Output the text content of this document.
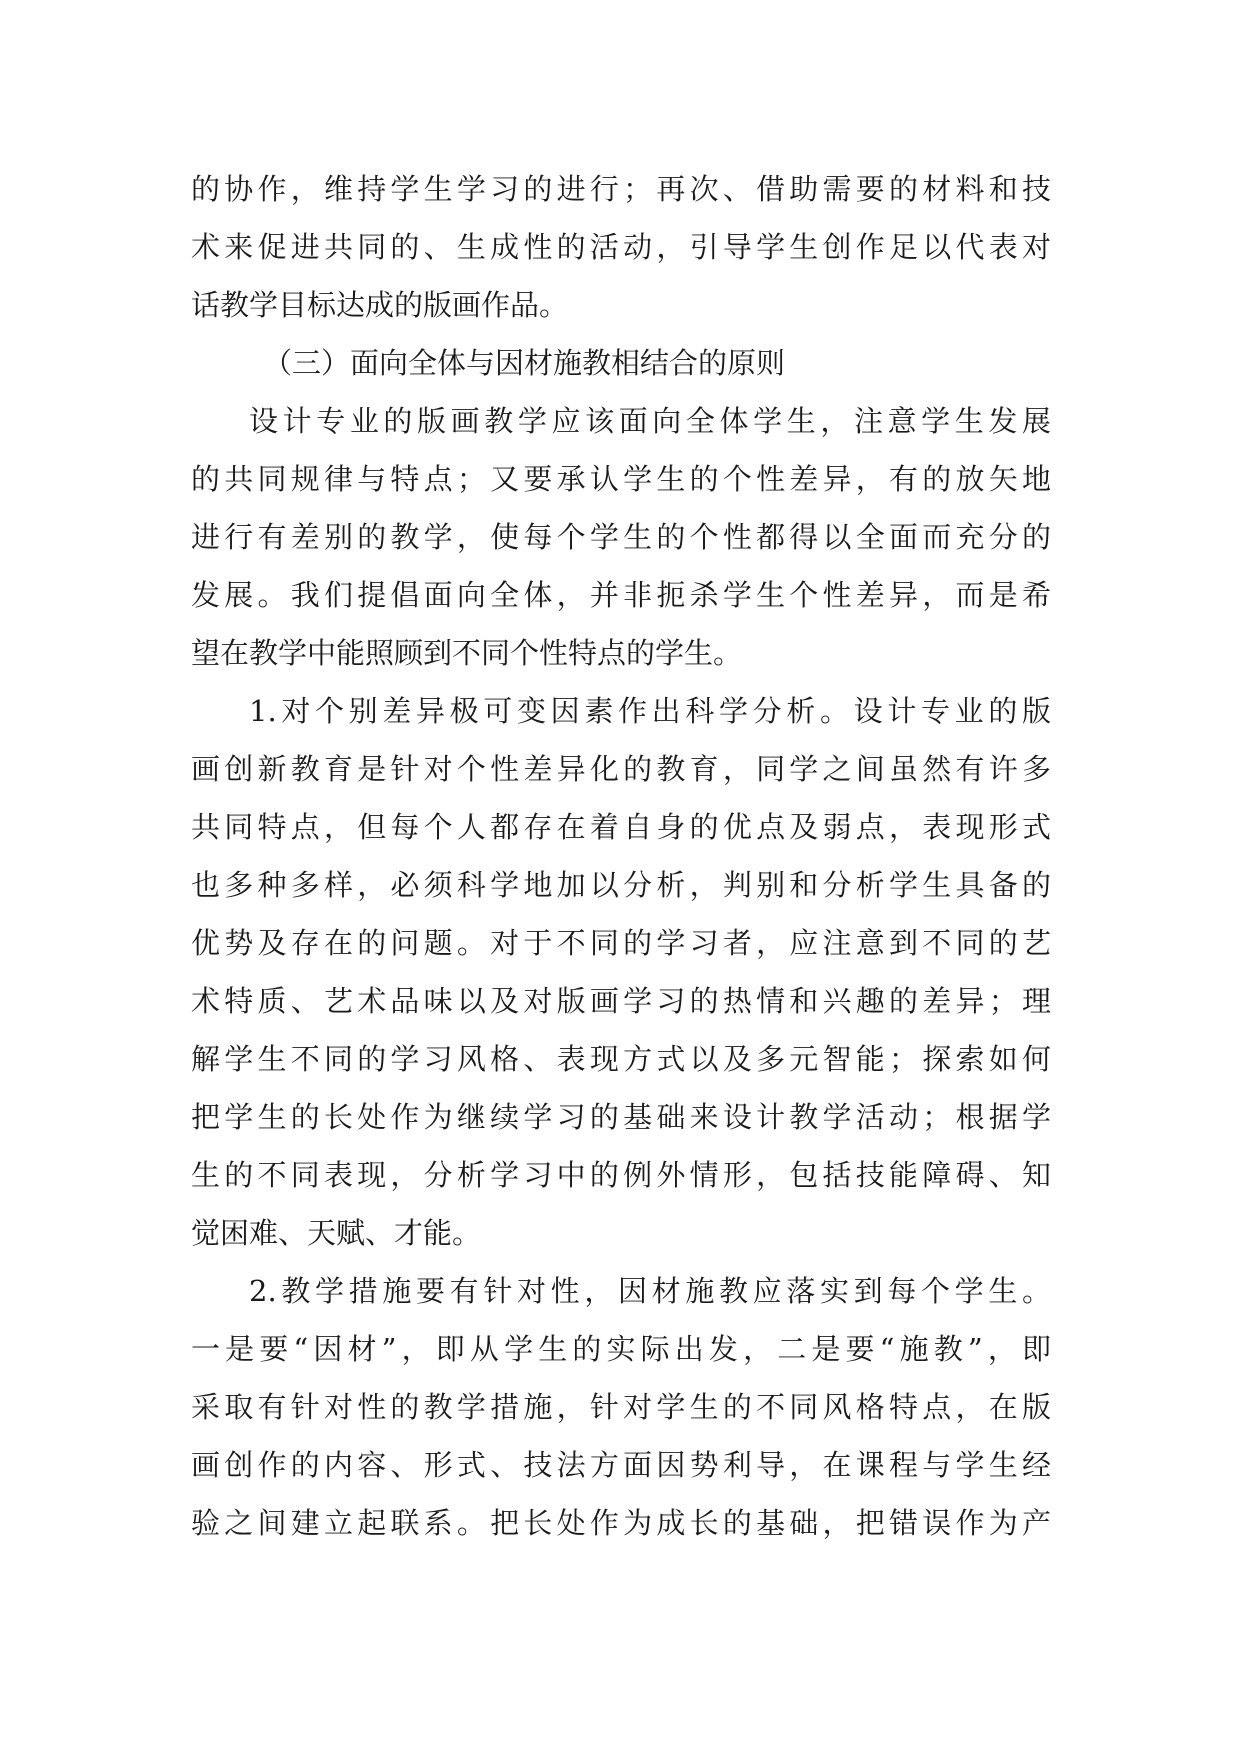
的协作，维持学生学习的进行；再次、借助需要的材料和技
术来促进共同的、生成性的活动，引导学生创作足以代表对
话教学目标达成的版画作品。
（三）面向全体与因材施教相结合的原则
设计专业的版画教学应该面向全体学生，注意学生发展
的共同规律与特点；又要承认学生的个性差异，有的放矢地
进行有差别的教学，使每个学生的个性都得以全面而充分的
发展。我们提倡面向全体，并非扼杀学生个性差异，而是希
望在教学中能照顾到不同个性特点的学生。
1.对个别差异极可变因素作出科学分析。设计专业的版
画创新教育是针对个性差异化的教育，同学之间虽然有许多
共同特点，但每个人都存在着自身的优点及弱点，表现形式
也多种多样，必须科学地加以分析，判别和分析学生具备的
优势及存在的问题。对于不同的学习者，应注意到不同的艺
术特质、艺术品味以及对版画学习的热情和兴趣的差异；理
解学生不同的学习风格、表现方式以及多元智能；探索如何
把学生的长处作为继续学习的基础来设计教学活动；根据学
生的不同表现，分析学习中的例外情形，包括技能障碍、知
觉困难、天赋、才能。
2.教学措施要有针对性，因材施教应落实到每个学生。
一是要“因材”，即从学生的实际出发，二是要“施教”，即
采取有针对性的教学措施，针对学生的不同风格特点，在版
画创作的内容、形式、技法方面因势利导，在课程与学生经
验之间建立起联系。把长处作为成长的基础，把错误作为产
